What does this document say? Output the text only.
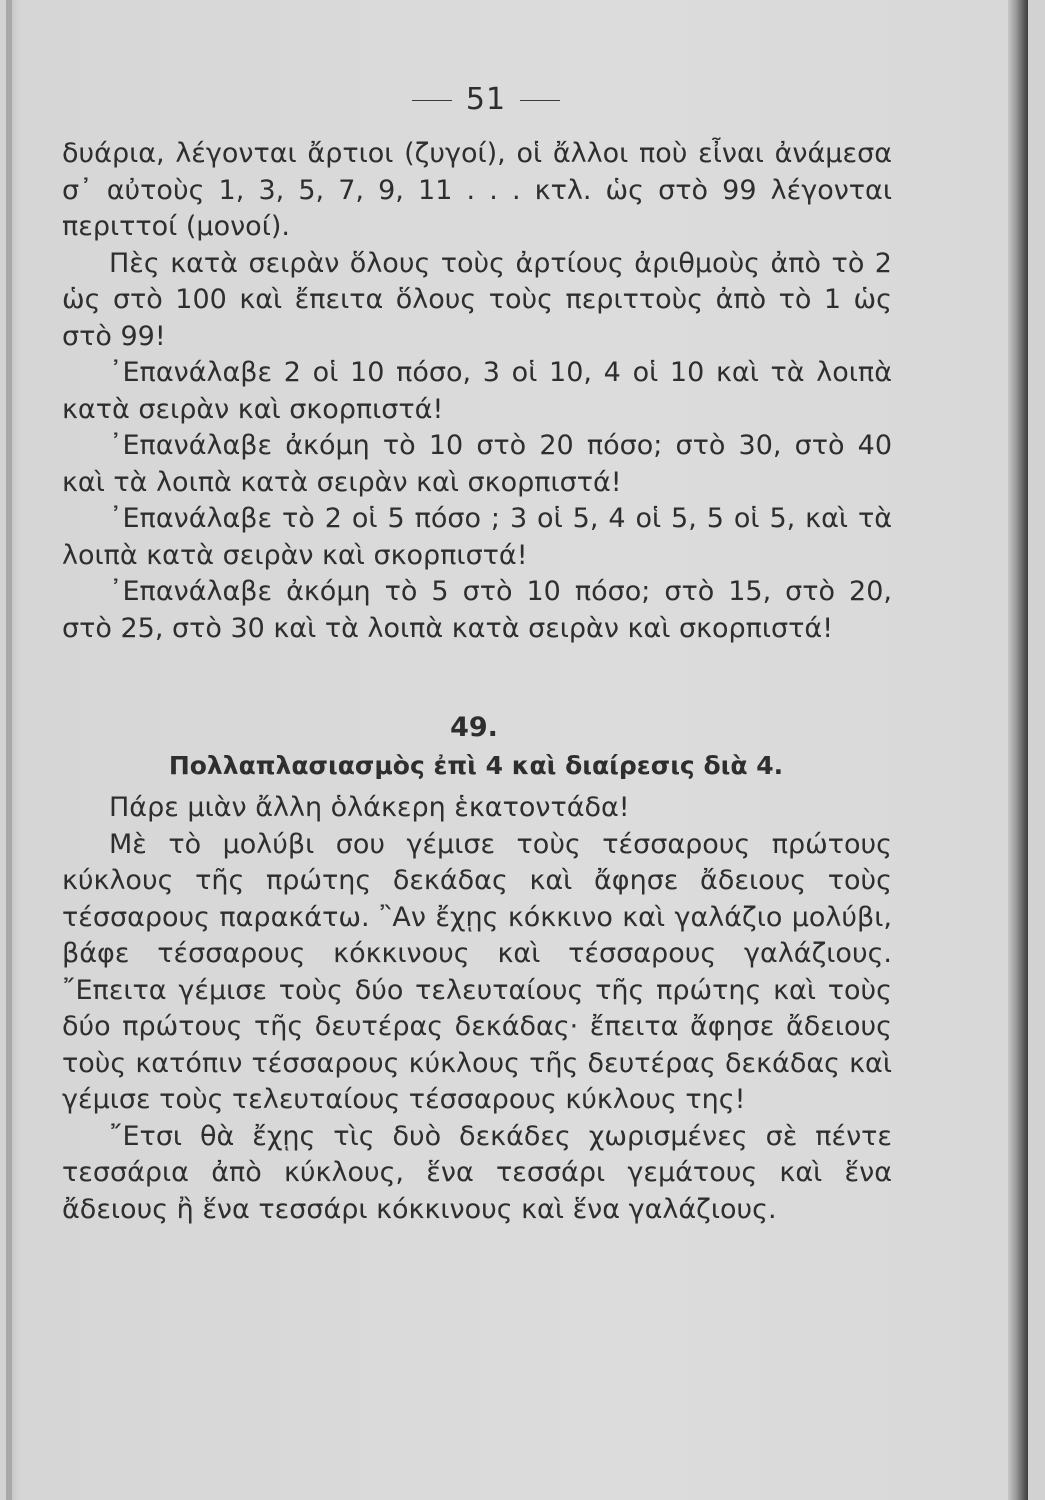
51

δυάρια, λέγονται ἄρτιοι (ζυγοί), οἱ ἄλλοι ποὺ εἶναι ἀνάμεσα σ᾽ αὐτοὺς 1, 3, 5, 7, 9, 11 . . . κτλ. ὡς στὸ 99 λέγονται περιττοί (μονοί).

Πὲς κατὰ σειρὰν ὅλους τοὺς ἀρτίους ἀριθμοὺς ἀπὸ τὸ 2 ὡς στὸ 100 καὶ ἔπειτα ὅλους τοὺς περιττοὺς ἀπὸ τὸ 1 ὡς στὸ 99!

᾽Επανάλαβε 2 οἱ 10 πόσο, 3 οἱ 10, 4 οἱ 10 καὶ τὰ λοιπὰ κατὰ σειρὰν καὶ σκορπιστά!

᾽Επανάλαβε ἀκόμη τὸ 10 στὸ 20 πόσο; στὸ 30, στὸ 40 καὶ τὰ λοιπὰ κατὰ σειρὰν καὶ σκορπιστά!

᾽Επανάλαβε τὸ 2 οἱ 5 πόσο ; 3 οἱ 5, 4 οἱ 5, 5 οἱ 5, καὶ τὰ λοιπὰ κατὰ σειρὰν καὶ σκορπιστά!

᾽Επανάλαβε ἀκόμη τὸ 5 στὸ 10 πόσο; στὸ 15, στὸ 20, στὸ 25, στὸ 30 καὶ τὰ λοιπὰ κατὰ σειρὰν καὶ σκορπιστά!

49.
Πολλαπλασιασμὸς ἐπὶ 4 καὶ διαίρεσις διὰ 4.

Πάρε μιὰν ἄλλη ὁλάκερη ἑκατοντάδα!

Μὲ τὸ μολύβι σου γέμισε τοὺς τέσσαρους πρώτους κύκλους τῆς πρώτης δεκάδας καὶ ἄφησε ἄδειους τοὺς τέσσαρους παρακάτω. ῍Αν ἔχῃς κόκκινο καὶ γαλάζιο μολύβι, βάφε τέσσαρους κόκκινους καὶ τέσσαρους γαλάζιους. ῎Επειτα γέμισε τοὺς δύο τελευταίους τῆς πρώτης καὶ τοὺς δύο πρώτους τῆς δευτέρας δεκάδας· ἔπειτα ἄφησε ἄδειους τοὺς κατόπιν τέσσαρους κύκλους τῆς δευτέρας δεκάδας καὶ γέμισε τοὺς τελευταίους τέσσαρους κύκλους της!

῎Ετσι θὰ ἔχῃς τὶς δυὸ δεκάδες χωρισμένες σὲ πέντε τεσσάρια ἀπὸ κύκλους, ἕνα τεσσάρι γεμάτους καὶ ἕνα ἄδειους ἢ ἕνα τεσσάρι κόκκινους καὶ ἕνα γαλάζιους.
